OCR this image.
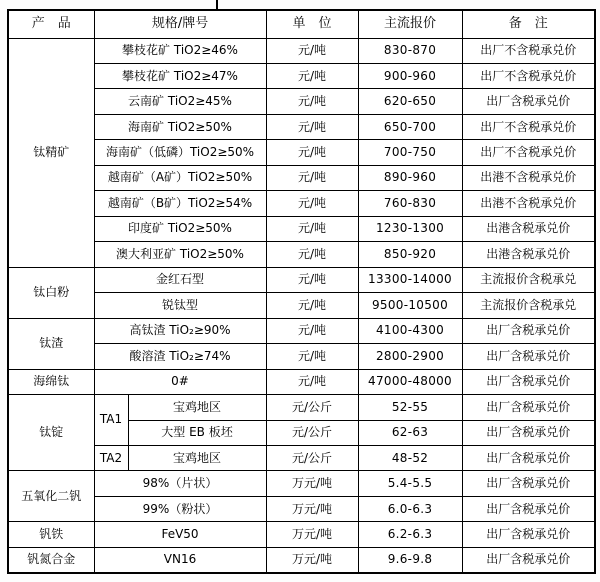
产　品	规格/牌号		单　位	主流报价	备　注
钛精矿	攀枝花矿 TiO2≥46%		元/吨	830-870	出厂不含税承兑价
	攀枝花矿 TiO2≥47%		元/吨	900-960	出厂不含税承兑价
	云南矿 TiO2≥45%		元/吨	620-650	出厂含税承兑价
	海南矿 TiO2≥50%		元/吨	650-700	出厂不含税承兑价
	海南矿（低磷）TiO2≥50%		元/吨	700-750	出厂不含税承兑价
	越南矿（A矿）TiO2≥50%		元/吨	890-960	出港不含税承兑价
	越南矿（B矿）TiO2≥54%		元/吨	760-830	出港不含税承兑价
	印度矿 TiO2≥50%		元/吨	1230-1300	出港含税承兑价
	澳大利亚矿 TiO2≥50%		元/吨	850-920	出港含税承兑价
钛白粉	金红石型		元/吨	13300-14000	主流报价含税承兑
	锐钛型		元/吨	9500-10500	主流报价含税承兑
钛渣	高钛渣 TiO₂≥90%		元/吨	4100-4300	出厂含税承兑价
	酸溶渣 TiO₂≥74%		元/吨	2800-2900	出厂含税承兑价
海绵钛	0#		元/吨	47000-48000	出厂含税承兑价
钛锭	TA1	宝鸡地区	元/公斤	52-55	出厂含税承兑价
		大型 EB 板坯	元/公斤	62-63	出厂含税承兑价
	TA2	宝鸡地区	元/公斤	48-52	出厂含税承兑价
五氧化二钒	98%（片状）		万元/吨	5.4-5.5	出厂含税承兑价
	99%（粉状）		万元/吨	6.0-6.3	出厂含税承兑价
钒铁	FeV50		万元/吨	6.2-6.3	出厂含税承兑价
钒氮合金	VN16		万元/吨	9.6-9.8	出厂含税承兑价
